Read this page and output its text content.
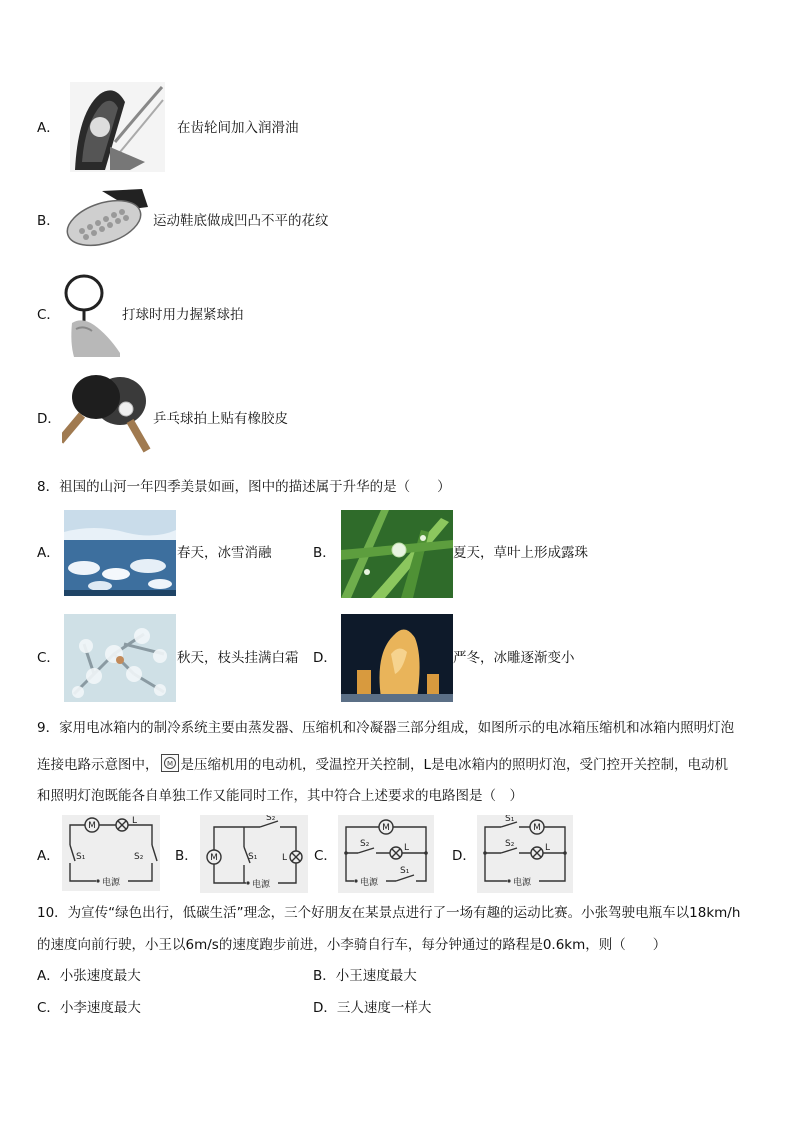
A．	在齿轮间加入润滑油
B．	运动鞋底做成凹凸不平的花纹
C．	打球时用力握紧球拍
D．	乒乓球拍上贴有橡胶皮
8．祖国的山河一年四季美景如画，图中的描述属于升华的是（　　）
A．	春天，冰雪消融	B．	夏天，草叶上形成露珠
C．	秋天，枝头挂满白霜 D．	严冬，冰雕逐渐变小
9．家用电冰箱内的制冷系统主要由蒸发器、压缩机和冷凝器三部分组成，如图所示的电冰箱压缩机和冰箱内照明灯泡
连接电路示意图中， M 是压缩机用的电动机，受温控开关控制，L是电冰箱内的照明灯泡，受门控开关控制，电动机
和照明灯泡既能各自单独工作又能同时工作，其中符合上述要求的电路图是（　）
A．
M	L
S₁	S₂
电源
B．
S₂
M	S₁	L
电源
C．
M
S₂	L
S₁
电源
D．
S₁
M
S₂	L
电源
10．为宣传“绿色出行，低碳生活”理念，三个好朋友在某景点进行了一场有趣的运动比赛。小张驾驶电瓶车以18km/h
的速度向前行驶，小王以6m/s的速度跑步前进，小李骑自行车，每分钟通过的路程是0.6km，则（　　）
A．小张速度最大	B．小王速度最大
C．小李速度最大	D．三人速度一样大
